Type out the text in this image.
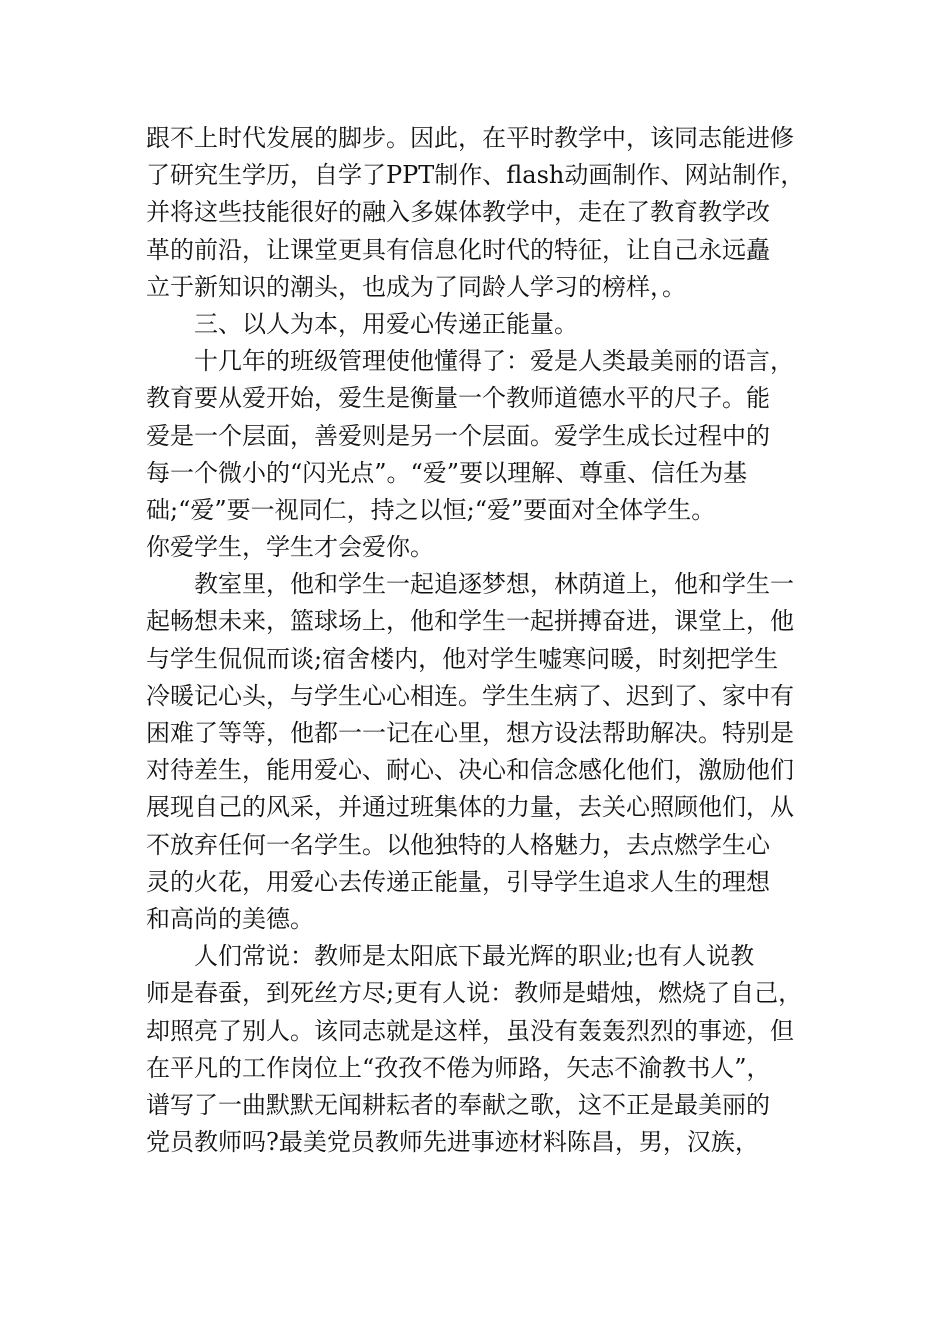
跟不上时代发展的脚步。因此，在平时教学中，该同志能进修
了研究生学历，自学了PPT制作、flash动画制作、网站制作，
并将这些技能很好的融入多媒体教学中，走在了教育教学改
革的前沿，让课堂更具有信息化时代的特征，让自己永远矗
立于新知识的潮头，也成为了同龄人学习的榜样，。
三、以人为本，用爱心传递正能量。
十几年的班级管理使他懂得了：爱是人类最美丽的语言，
教育要从爱开始，爱生是衡量一个教师道德水平的尺子。能
爱是一个层面，善爱则是另一个层面。爱学生成长过程中的
每一个微小的“闪光点”。“爱”要以理解、尊重、信任为基
础;“爱”要一视同仁，持之以恒;“爱”要面对全体学生。
你爱学生，学生才会爱你。
教室里，他和学生一起追逐梦想，林荫道上，他和学生一
起畅想未来，篮球场上，他和学生一起拼搏奋进，课堂上，他
与学生侃侃而谈;宿舍楼内，他对学生嘘寒问暖，时刻把学生
冷暖记心头，与学生心心相连。学生生病了、迟到了、家中有
困难了等等，他都一一记在心里，想方设法帮助解决。特别是
对待差生，能用爱心、耐心、决心和信念感化他们，激励他们
展现自己的风采，并通过班集体的力量，去关心照顾他们，从
不放弃任何一名学生。以他独特的人格魅力，去点燃学生心
灵的火花，用爱心去传递正能量，引导学生追求人生的理想
和高尚的美德。
人们常说：教师是太阳底下最光辉的职业;也有人说教
师是春蚕，到死丝方尽;更有人说：教师是蜡烛，燃烧了自己，
却照亮了别人。该同志就是这样，虽没有轰轰烈烈的事迹，但
在平凡的工作岗位上“孜孜不倦为师路，矢志不渝教书人”，
谱写了一曲默默无闻耕耘者的奉献之歌，这不正是最美丽的
党员教师吗?最美党员教师先进事迹材料陈昌，男，汉族，
